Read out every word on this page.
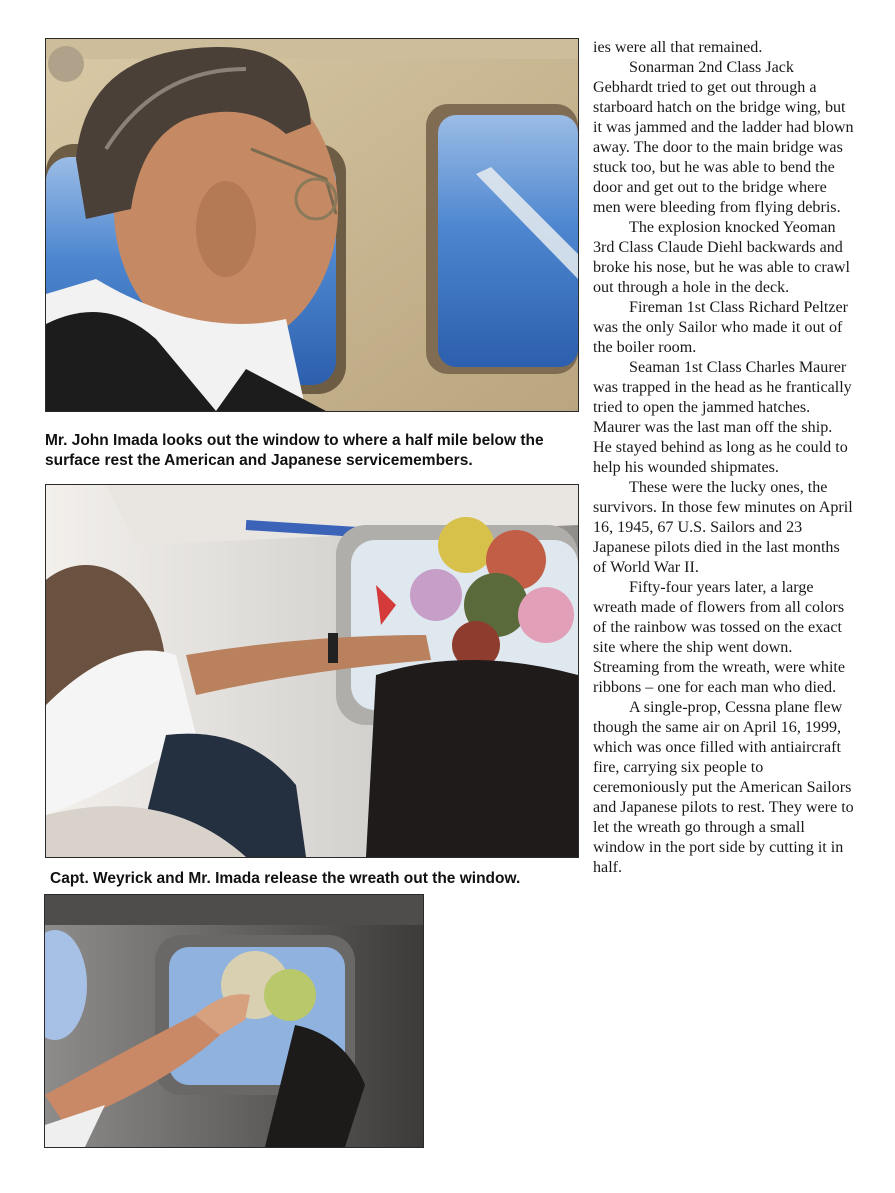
Mr. John Imada looks out the window to where a half mile below the surface rest the American and Japanese servicemembers.

Capt. Weyrick and Mr. Imada release the wreath out the window.

ies were all that remained.

Sonarman 2nd Class Jack Gebhardt tried to get out through a starboard hatch on the bridge wing, but it was jammed and the ladder had blown away. The door to the main bridge was stuck too, but he was able to bend the door and get out to the bridge where men were bleeding from flying debris.

The explosion knocked Yeoman 3rd Class Claude Diehl backwards and broke his nose, but he was able to crawl out through a hole in the deck.

Fireman 1st Class Richard Peltzer was the only Sailor who made it out of the boiler room.

Seaman 1st Class Charles Maurer was trapped in the head as he frantically tried to open the jammed hatches. Maurer was the last man off the ship. He stayed behind as long as he could to help his wounded shipmates.

These were the lucky ones, the survivors. In those few minutes on April 16, 1945, 67 U.S. Sailors and 23 Japanese pilots died in the last months of World War II.

Fifty-four years later, a large wreath made of flowers from all colors of the rainbow was tossed on the exact site where the ship went down. Streaming from the wreath, were white ribbons – one for each man who died.

A single-prop, Cessna plane flew though the same air on April 16, 1999, which was once filled with antiaircraft fire, carrying six people to ceremoniously put the American Sailors and Japanese pilots to rest. They were to let the wreath go through a small window in the port side by cutting it in half.
